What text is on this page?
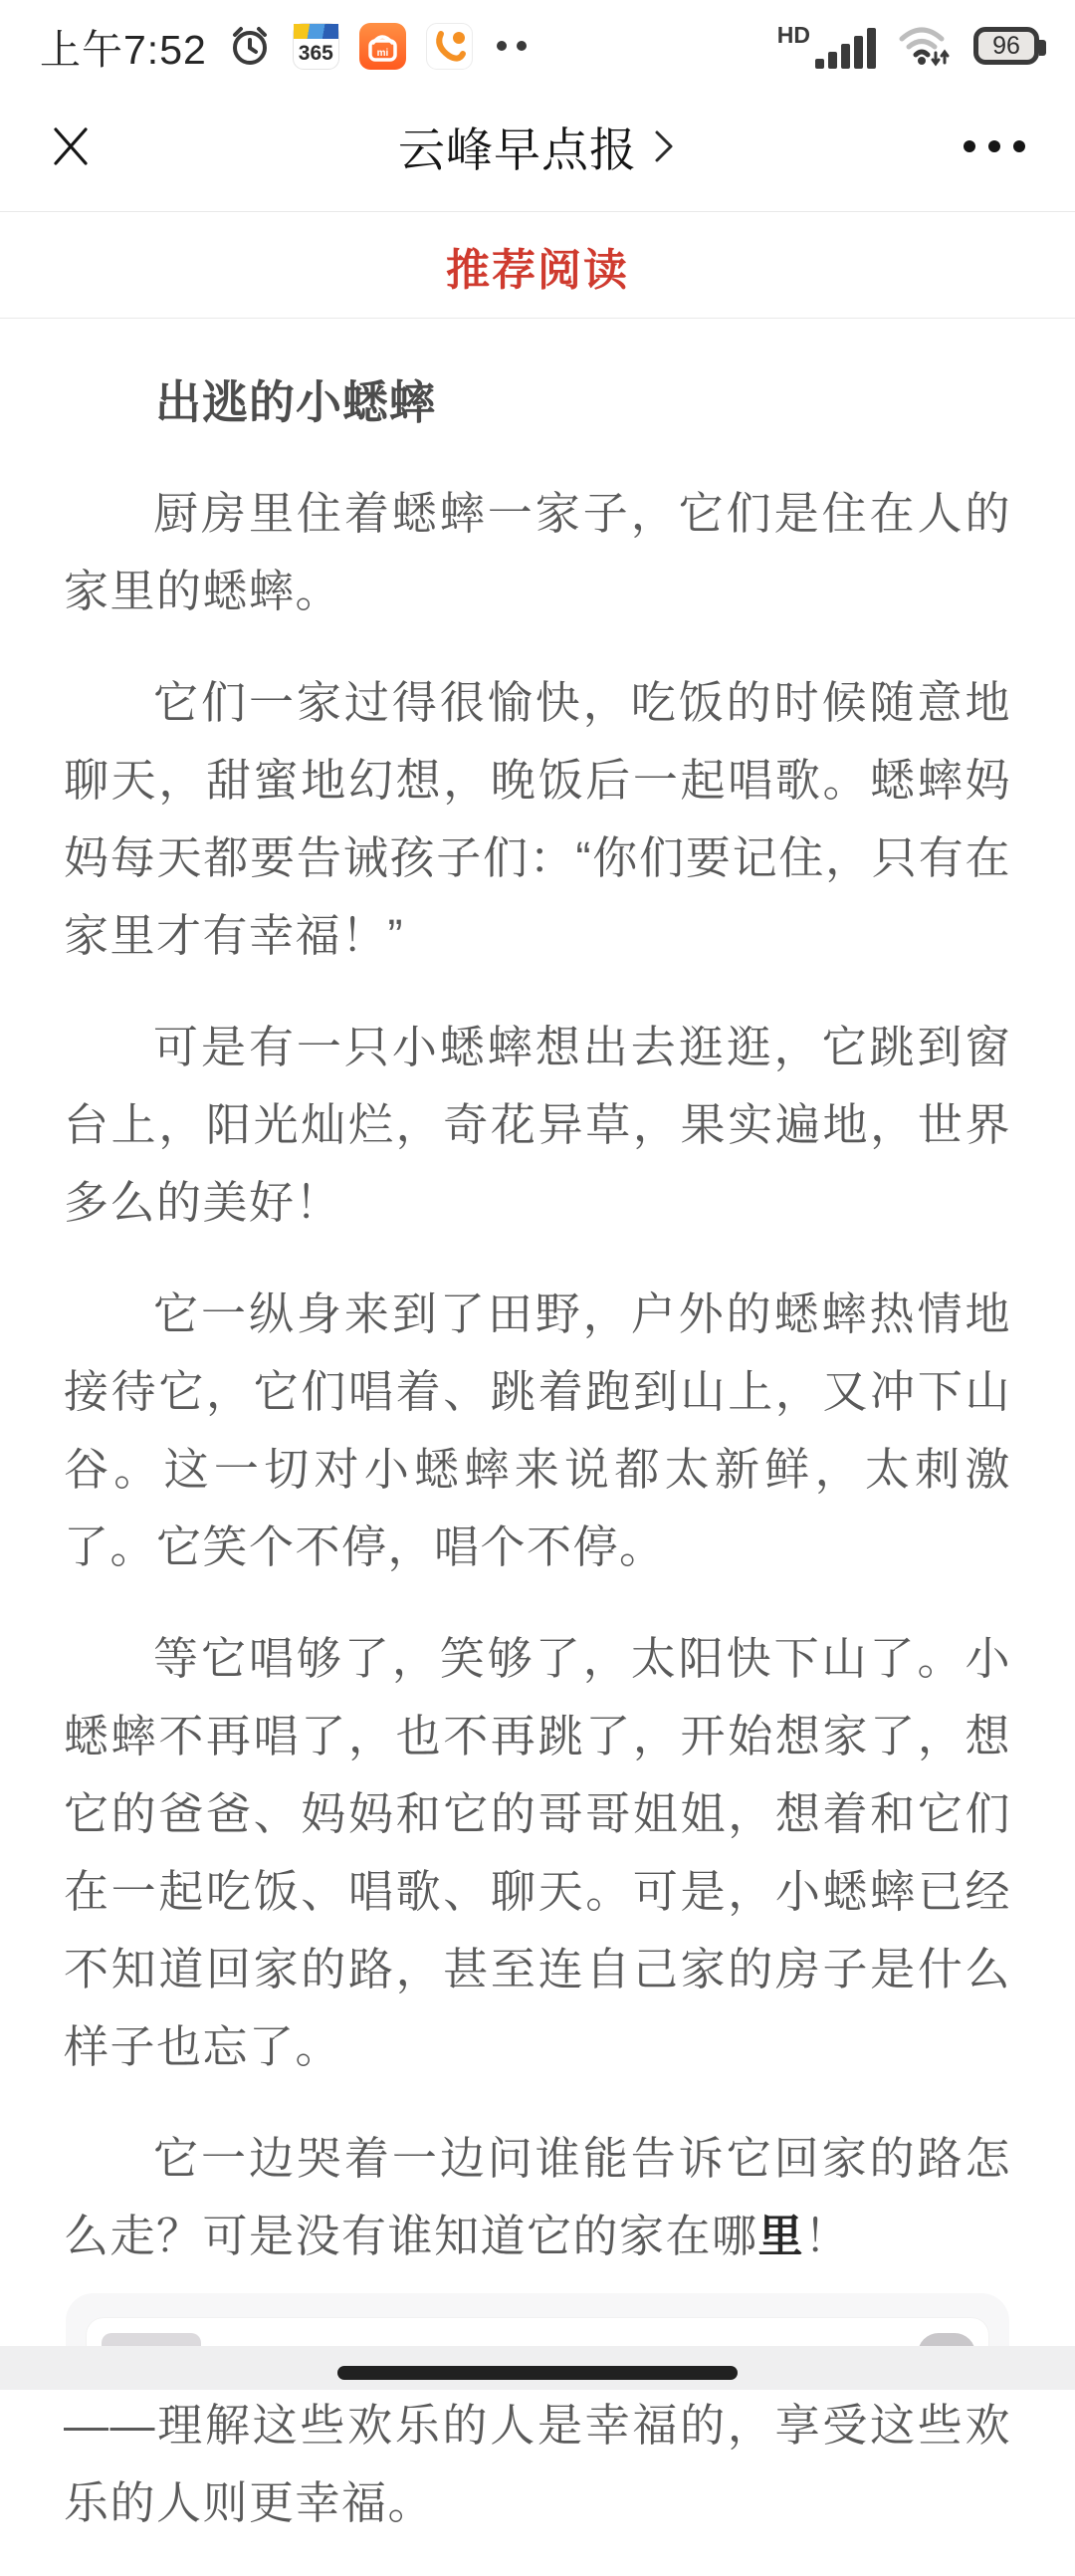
上午7:52	365	mi
HD	96
云峰早点报
推荐阅读
出逃的小蟋蟀

厨房里住着蟋蟀一家子，它们是住在人的家里的蟋蟀。

它们一家过得很愉快，吃饭的时候随意地聊天，甜蜜地幻想，晚饭后一起唱歌。蟋蟀妈妈每天都要告诫孩子们：“你们要记住，只有在家里才有幸福！”

可是有一只小蟋蟀想出去逛逛，它跳到窗台上，阳光灿烂，奇花异草，果实遍地，世界多么的美好！

它一纵身来到了田野，户外的蟋蟀热情地接待它，它们唱着、跳着跑到山上，又冲下山谷。这一切对小蟋蟀来说都太新鲜，太刺激了。它笑个不停，唱个不停。

等它唱够了，笑够了，太阳快下山了。小蟋蟀不再唱了，也不再跳了，开始想家了，想它的爸爸、妈妈和它的哥哥姐姐，想着和它们在一起吃饭、唱歌、聊天。可是，小蟋蟀已经不知道回家的路，甚至连自己家的房子是什么样子也忘了。

它一边哭着一边问谁能告诉它回家的路怎么走？可是没有谁知道它的家在哪里！

——理解这些欢乐的人是幸福的，享受这些欢乐的人则更幸福。
